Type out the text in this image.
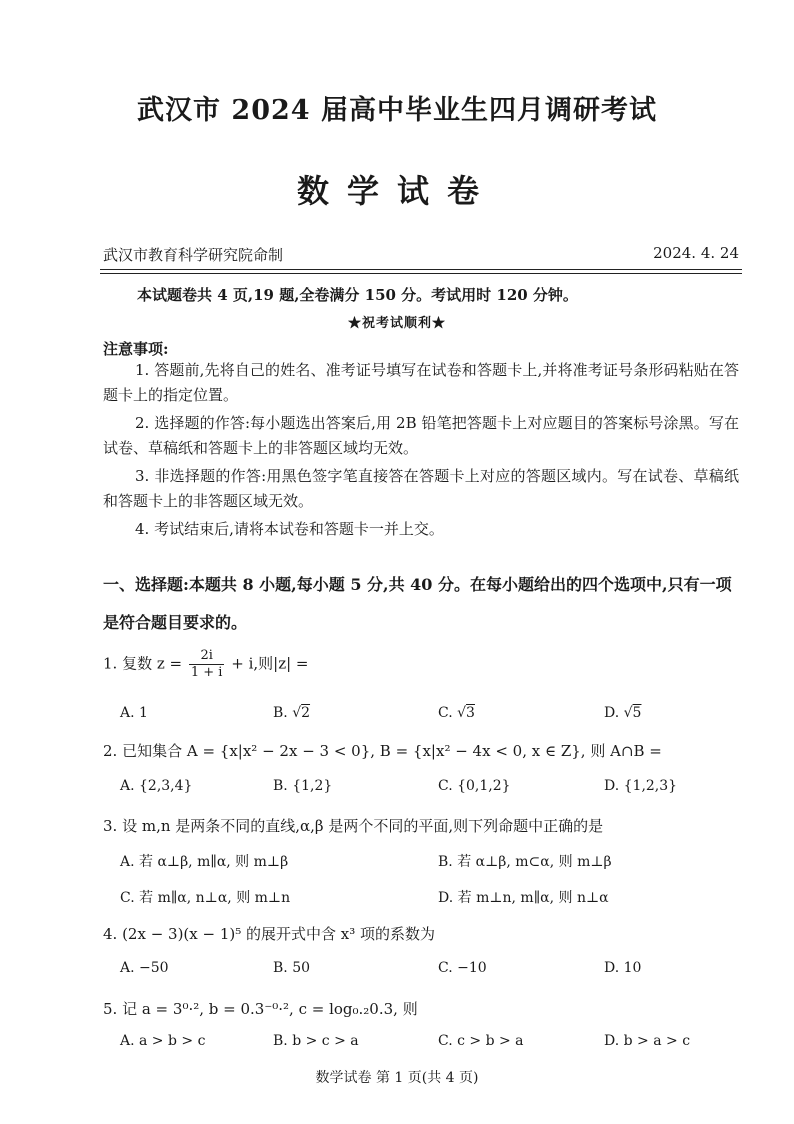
武汉市 2024 届高中毕业生四月调研考试
数学试卷
武汉市教育科学研究院命制	2024. 4. 24
本试题卷共 4 页,19 题,全卷满分 150 分。考试用时 120 分钟。
★祝考试顺利★
注意事项:
1. 答题前,先将自己的姓名、准考证号填写在试卷和答题卡上,并将准考证号条形码粘贴在答题卡上的指定位置。
2. 选择题的作答:每小题选出答案后,用 2B 铅笔把答题卡上对应题目的答案标号涂黑。写在试卷、草稿纸和答题卡上的非答题区域均无效。
3. 非选择题的作答:用黑色签字笔直接答在答题卡上对应的答题区域内。写在试卷、草稿纸和答题卡上的非答题区域无效。
4. 考试结束后,请将本试卷和答题卡一并上交。
一、选择题:本题共 8 小题,每小题 5 分,共 40 分。在每小题给出的四个选项中,只有一项是符合题目要求的。
1. 复数 $z = \frac{2i}{1 + i} + i$,则|z| =
A. 1	B. √2	C. √3	D. √5
2. 已知集合 A = {x|x² − 2x − 3 < 0}, B = {x|x² − 4x < 0, x ∈ Z}, 则 A∩B =
A. {2,3,4}	B. {1,2}	C. {0,1,2}	D. {1,2,3}
3. 设 m,n 是两条不同的直线,α,β 是两个不同的平面,则下列命题中正确的是
A. 若 α⊥β, m∥α, 则 m⊥β	B. 若 α⊥β, m⊂α, 则 m⊥β
C. 若 m∥α, n⊥α, 则 m⊥n	D. 若 m⊥n, m∥α, 则 n⊥α
4. (2x − 3)(x − 1)⁵ 的展开式中含 x³ 项的系数为
A. −50	B. 50	C. −10	D. 10
5. 记 a = 3⁰·², b = 0.3⁻⁰·², c = log₀.₂0.3, 则
A. a > b > c	B. b > c > a	C. c > b > a	D. b > a > c
数学试卷 第 1 页(共 4 页)
